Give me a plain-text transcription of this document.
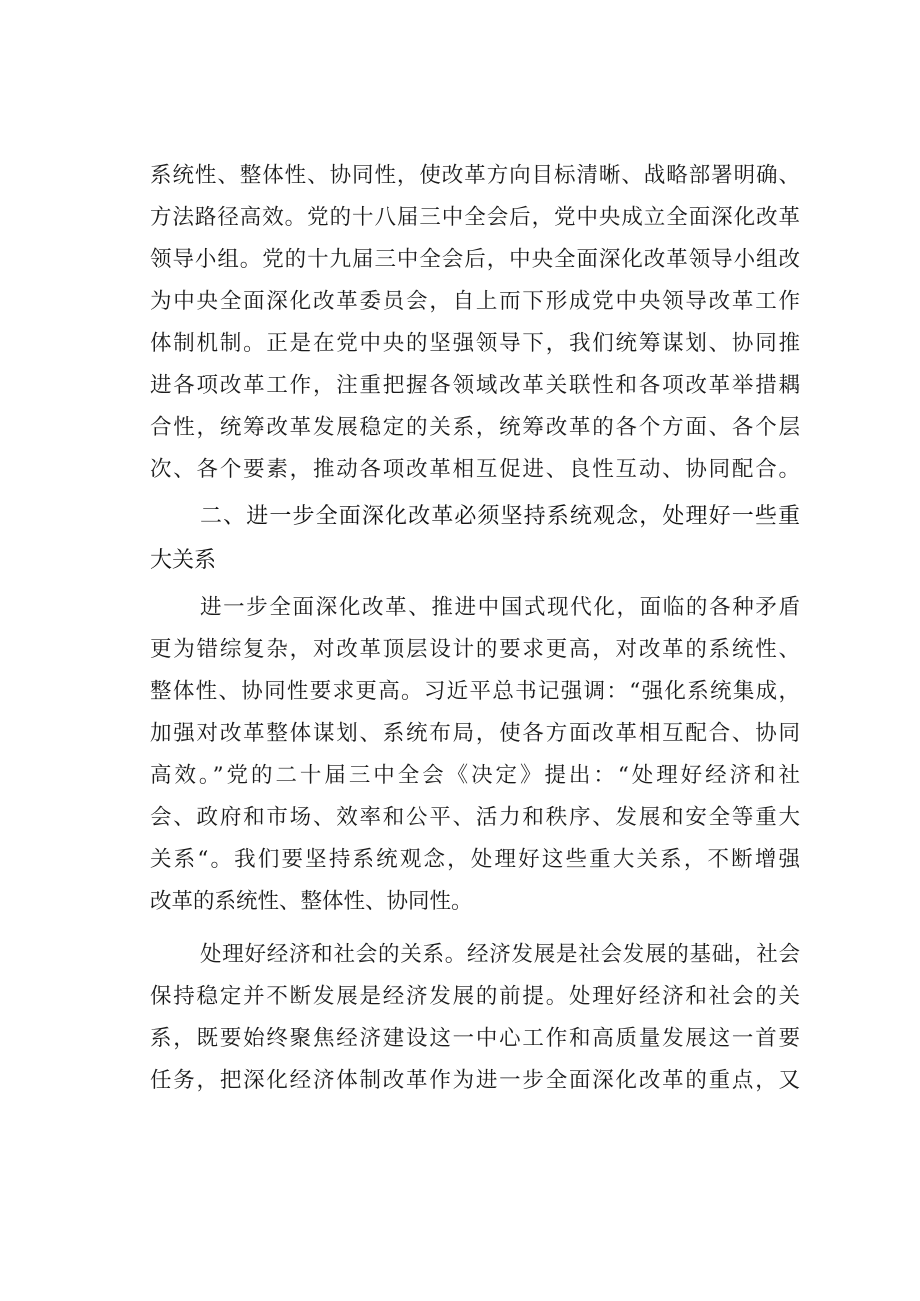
系统性、整体性、协同性，使改革方向目标清晰、战略部署明确、

方法路径高效。党的十八届三中全会后，党中央成立全面深化改革

领导小组。党的十九届三中全会后，中央全面深化改革领导小组改

为中央全面深化改革委员会，自上而下形成党中央领导改革工作

体制机制。正是在党中央的坚强领导下，我们统筹谋划、协同推

进各项改革工作，注重把握各领域改革关联性和各项改革举措耦

合性，统筹改革发展稳定的关系，统筹改革的各个方面、各个层

次、各个要素，推动各项改革相互促进、良性互动、协同配合。

二、进一步全面深化改革必须坚持系统观念，处理好一些重

大关系

进一步全面深化改革、推进中国式现代化，面临的各种矛盾

更为错综复杂，对改革顶层设计的要求更高，对改革的系统性、

整体性、协同性要求更高。习近平总书记强调：“强化系统集成，

加强对改革整体谋划、系统布局，使各方面改革相互配合、协同

高效。”党的二十届三中全会《决定》提出：“处理好经济和社

会、政府和市场、效率和公平、活力和秩序、发展和安全等重大

关系“。我们要坚持系统观念，处理好这些重大关系，不断增强

改革的系统性、整体性、协同性。

处理好经济和社会的关系。经济发展是社会发展的基础，社会

保持稳定并不断发展是经济发展的前提。处理好经济和社会的关

系，既要始终聚焦经济建设这一中心工作和高质量发展这一首要

任务，把深化经济体制改革作为进一步全面深化改革的重点，又
